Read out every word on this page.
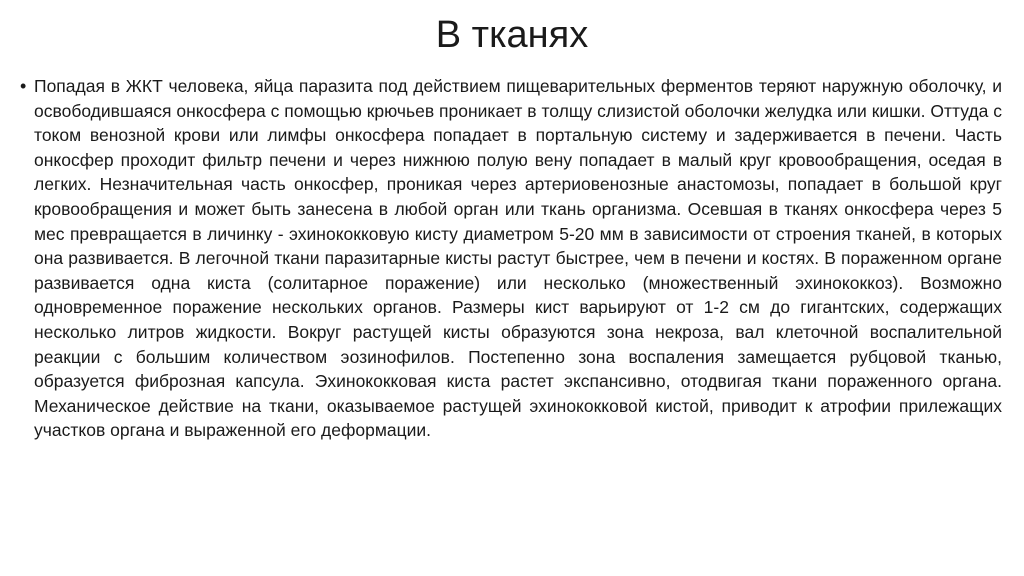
В тканях
• Попадая в ЖКТ человека, яйца паразита под действием пищеварительных ферментов теряют наружную оболочку, и освободившаяся онкосфера с помощью крючьев проникает в толщу слизистой оболочки желудка или кишки. Оттуда с током венозной крови или лимфы онкосфера попадает в портальную систему и задерживается в печени. Часть онкосфер проходит фильтр печени и через нижнюю полую вену попадает в малый круг кровообращения, оседая в легких. Незначительная часть онкосфер, проникая через артериовенозные анастомозы, попадает в большой круг кровообращения и может быть занесена в любой орган или ткань организма. Осевшая в тканях онкосфера через 5 мес превращается в личинку - эхинококковую кисту диаметром 5-20 мм в зависимости от строения тканей, в которых она развивается. В легочной ткани паразитарные кисты растут быстрее, чем в печени и костях. В пораженном органе развивается одна киста (солитарное поражение) или несколько (множественный эхинококкоз). Возможно одновременное поражение нескольких органов. Размеры кист варьируют от 1-2 см до гигантских, содержащих несколько литров жидкости. Вокруг растущей кисты образуются зона некроза, вал клеточной воспалительной реакции с большим количеством эозинофилов. Постепенно зона воспаления замещается рубцовой тканью, образуется фиброзная капсула. Эхинококковая киста растет экспансивно, отодвигая ткани пораженного органа. Механическое действие на ткани, оказываемое растущей эхинококковой кистой, приводит к атрофии прилежащих участков органа и выраженной его деформации.
